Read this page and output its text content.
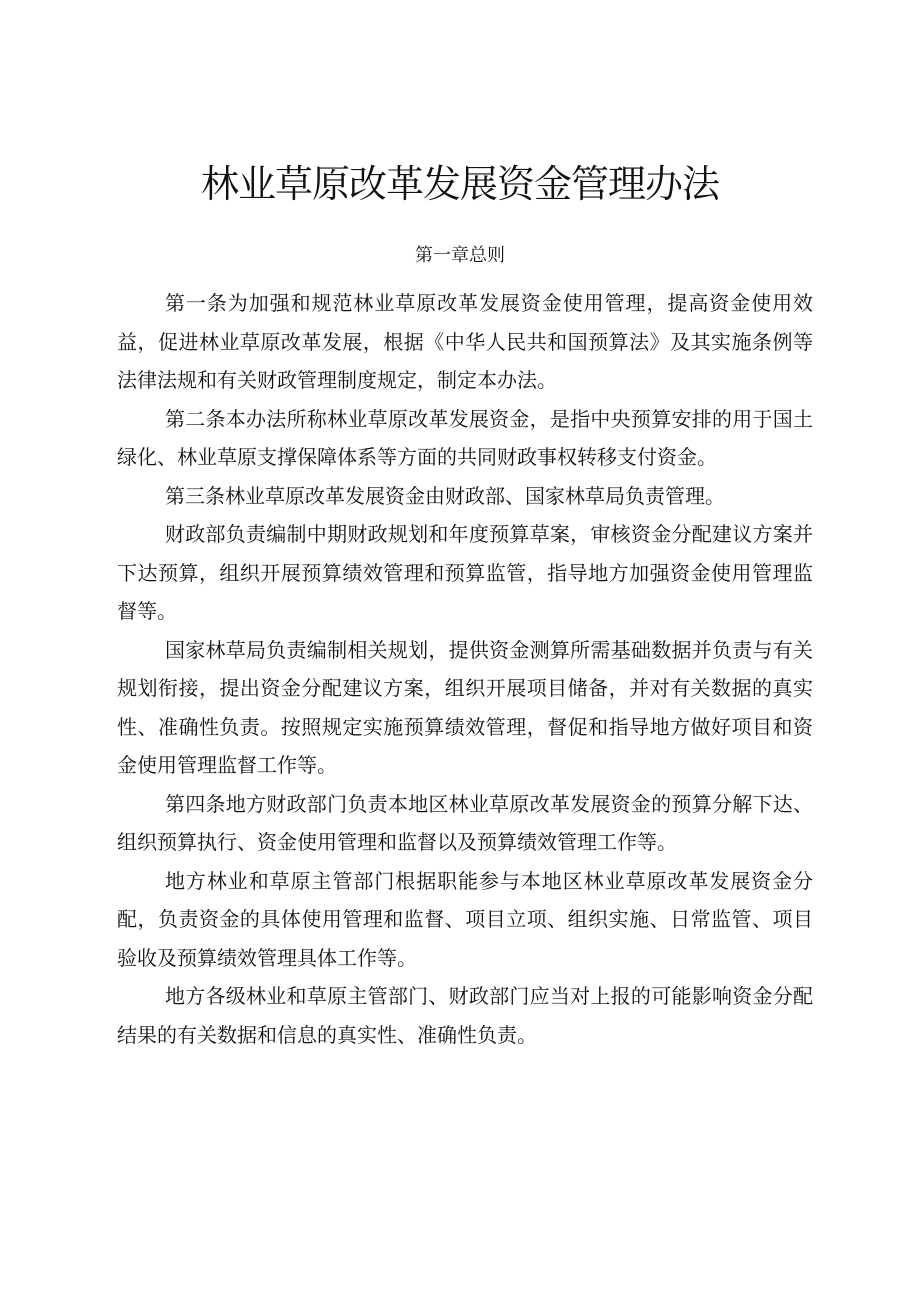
林业草原改革发展资金管理办法
第一章总则

第一条为加强和规范林业草原改革发展资金使用管理，提高资金使用效益，促进林业草原改革发展，根据《中华人民共和国预算法》及其实施条例等法律法规和有关财政管理制度规定，制定本办法。

第二条本办法所称林业草原改革发展资金，是指中央预算安排的用于国土绿化、林业草原支撑保障体系等方面的共同财政事权转移支付资金。

第三条林业草原改革发展资金由财政部、国家林草局负责管理。

财政部负责编制中期财政规划和年度预算草案，审核资金分配建议方案并下达预算，组织开展预算绩效管理和预算监管，指导地方加强资金使用管理监督等。

国家林草局负责编制相关规划，提供资金测算所需基础数据并负责与有关规划衔接，提出资金分配建议方案，组织开展项目储备，并对有关数据的真实性、准确性负责。按照规定实施预算绩效管理，督促和指导地方做好项目和资金使用管理监督工作等。

第四条地方财政部门负责本地区林业草原改革发展资金的预算分解下达、组织预算执行、资金使用管理和监督以及预算绩效管理工作等。

地方林业和草原主管部门根据职能参与本地区林业草原改革发展资金分配，负责资金的具体使用管理和监督、项目立项、组织实施、日常监管、项目验收及预算绩效管理具体工作等。

地方各级林业和草原主管部门、财政部门应当对上报的可能影响资金分配结果的有关数据和信息的真实性、准确性负责。
